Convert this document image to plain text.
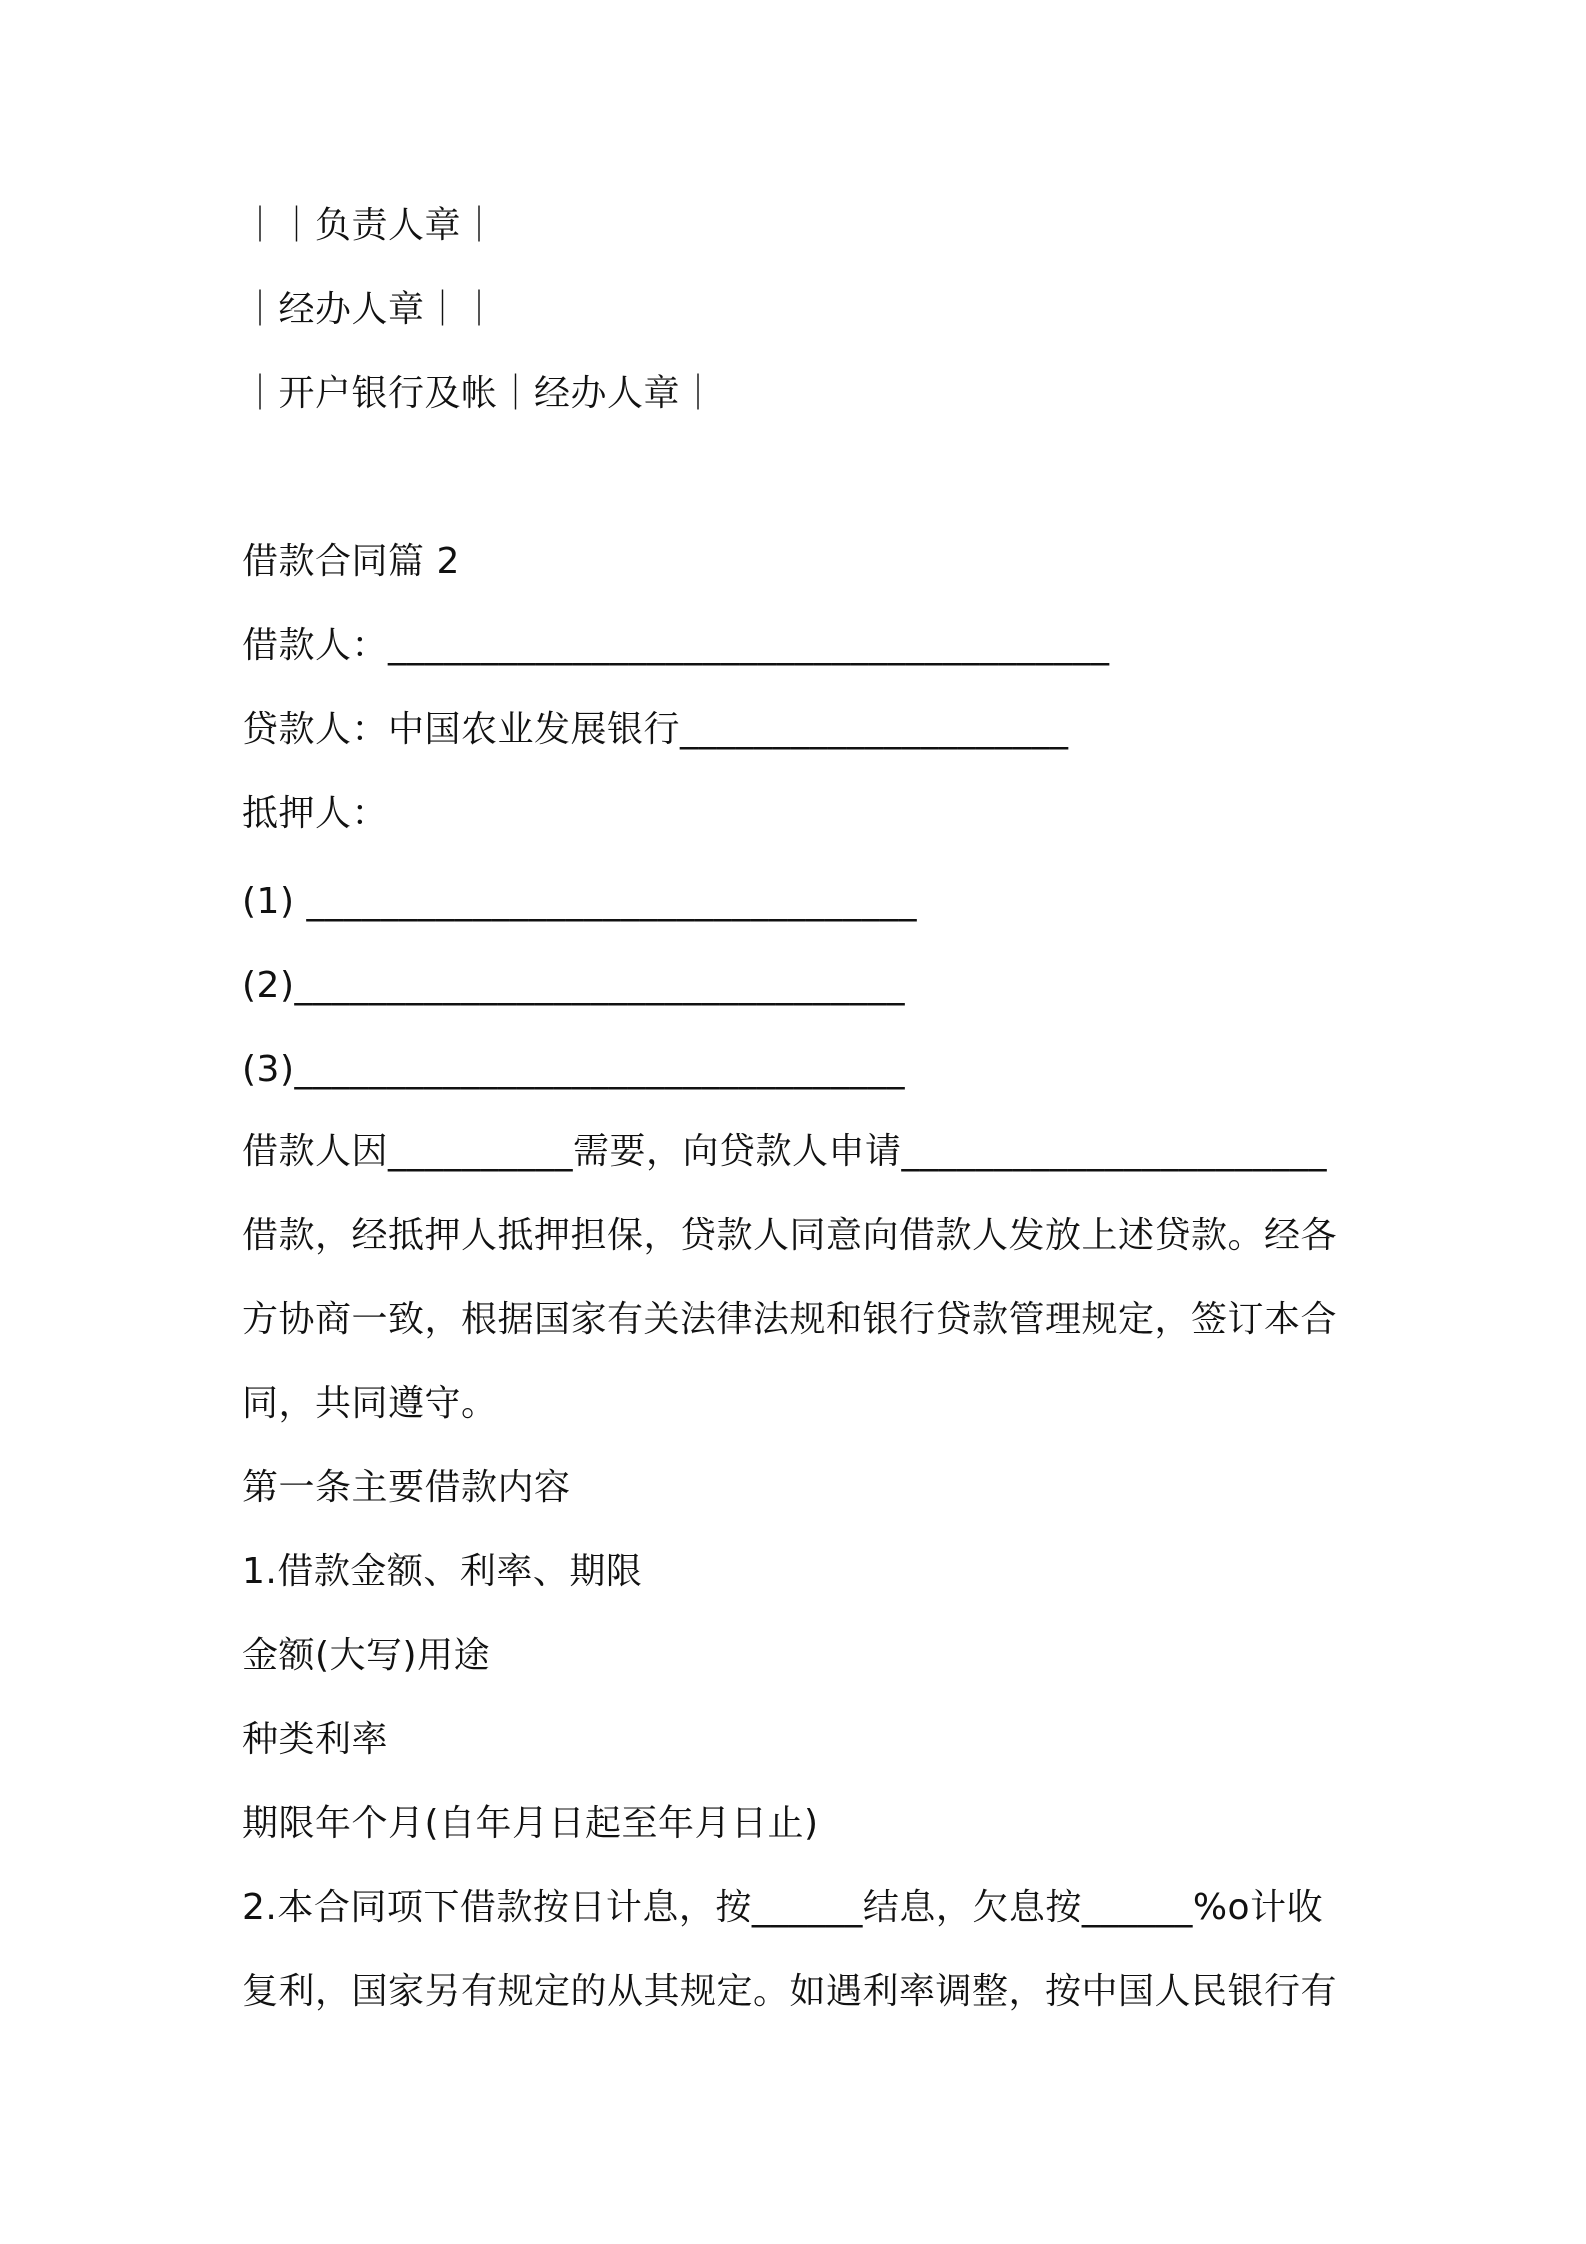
｜｜负责人章｜
｜经办人章｜｜
｜开户银行及帐｜经办人章｜
借款合同篇 2
借款人：_______________________________________
贷款人：中国农业发展银行_____________________
抵押人：
(1) _________________________________
(2)_________________________________
(3)_________________________________
借款人因__________需要，向贷款人申请_______________________
借款，经抵押人抵押担保，贷款人同意向借款人发放上述贷款。经各
方协商一致，根据国家有关法律法规和银行贷款管理规定，签订本合
同，共同遵守。
第一条主要借款内容
1.借款金额、利率、期限
金额(大写)用途
种类利率
期限年个月(自年月日起至年月日止)
2.本合同项下借款按日计息，按______结息，欠息按______%o计收
复利，国家另有规定的从其规定。如遇利率调整，按中国人民银行有
